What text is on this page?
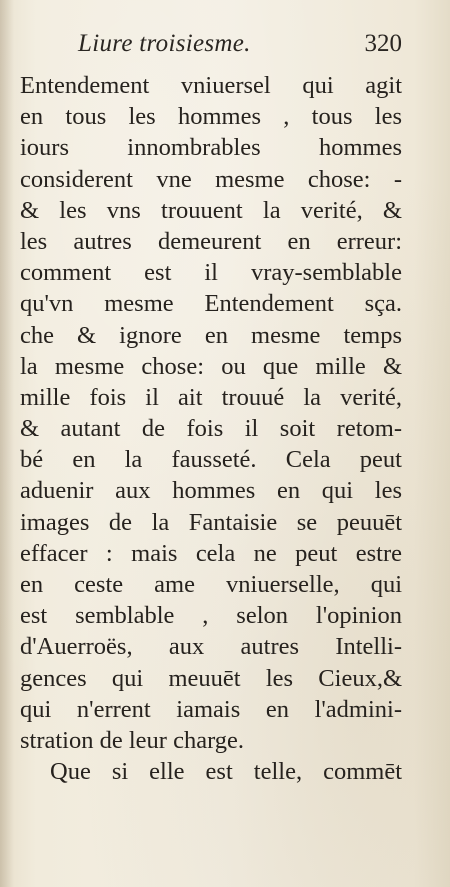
Liure troisiesme.	320
Entendement vniuersel qui agit
en tous les hommes , tous les
iours innombrables hommes
considerent vne mesme chose: -
& les vns trouuent la verité, &
les autres demeurent en erreur:
comment est il vray-semblable
qu'vn mesme Entendement sça.
che & ignore en mesme temps
la mesme chose: ou que mille &
mille fois il ait trouué la verité,
& autant de fois il soit retom-
bé en la fausseté. Cela peut
aduenir aux hommes en qui les
images de la Fantaisie se peuuēt
effacer : mais cela ne peut estre
en ceste ame vniuerselle, qui
est semblable , selon l'opinion
d'Auerroës, aux autres Intelli-
gences qui meuuēt les Cieux,&
qui n'errent iamais en l'admini-
stration de leur charge.
Que si elle est telle, commēt
